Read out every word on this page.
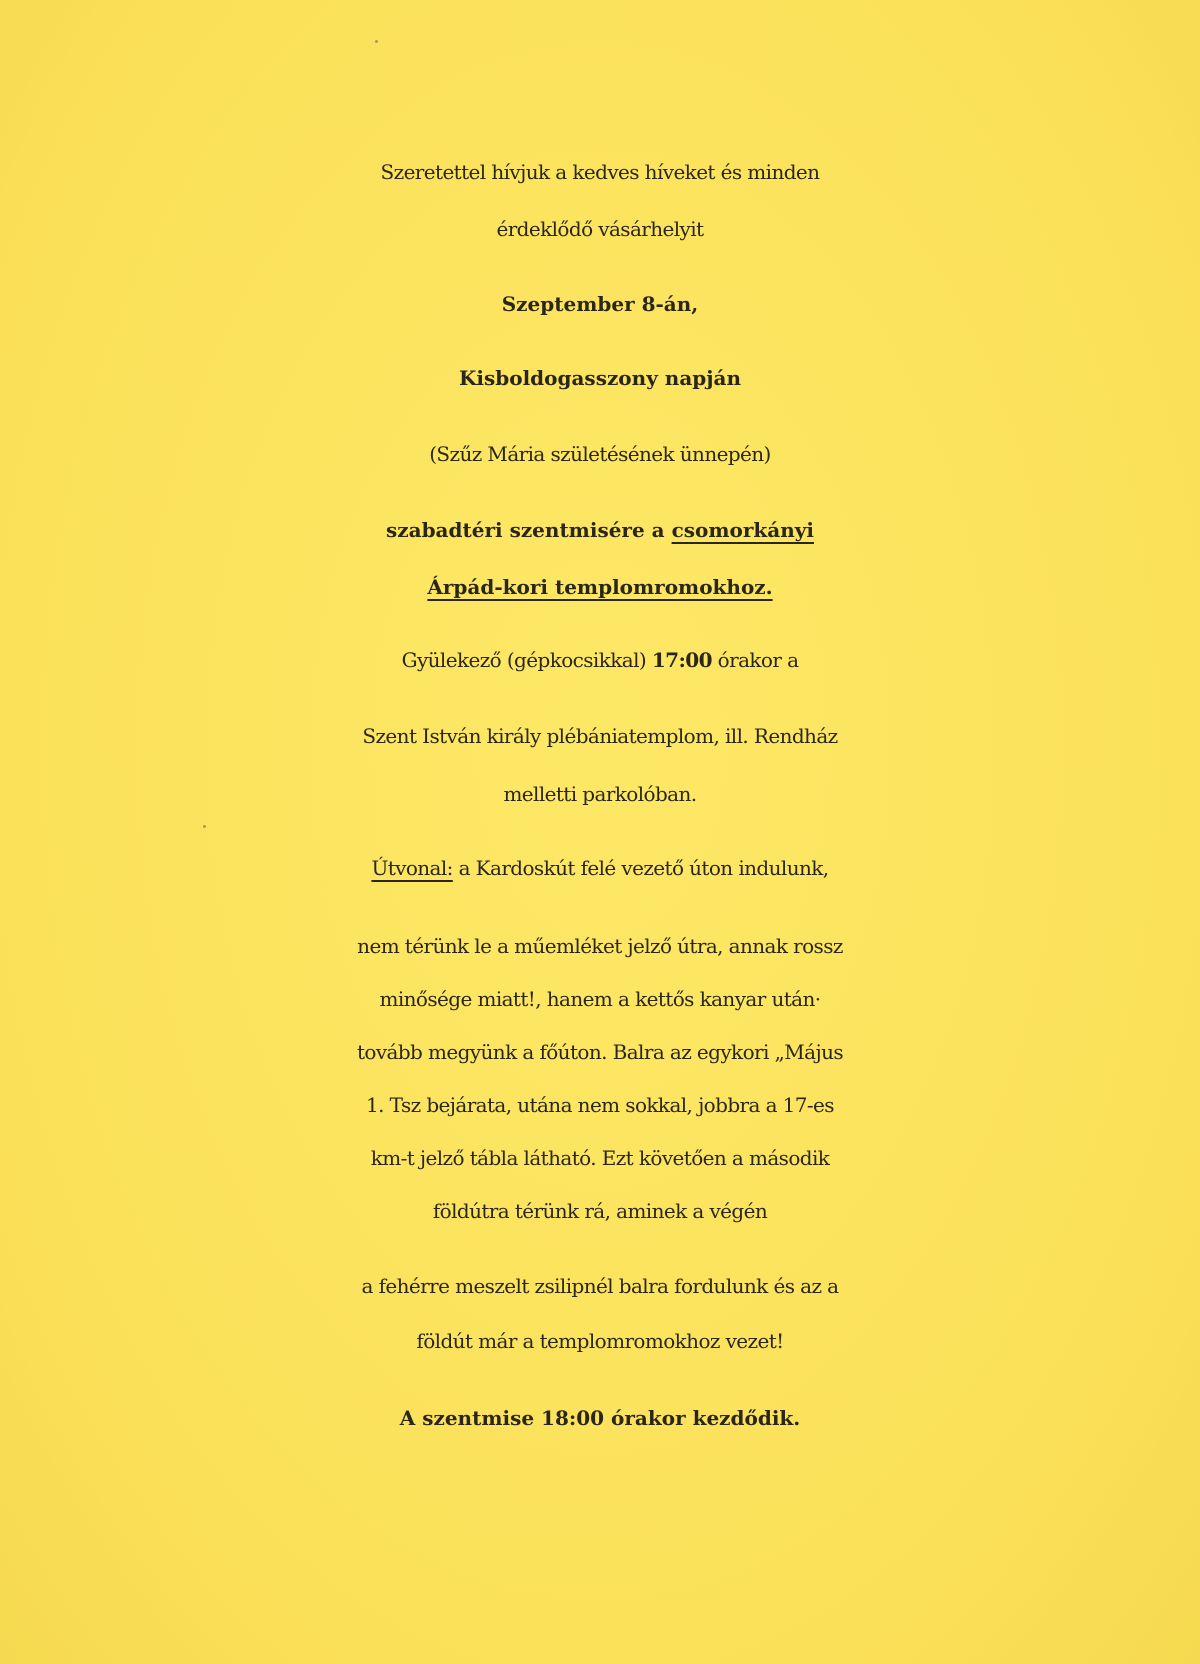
Szeretettel hívjuk a kedves híveket és minden
érdeklődő vásárhelyit
Szeptember 8-án,
Kisboldogasszony napján
(Szűz Mária születésének ünnepén)
szabadtéri szentmisére a csomorkányi
Árpád-kori templomromokhoz.
Gyülekező (gépkocsikkal) 17:00 órakor a
Szent István király plébániatemplom, ill. Rendház
melletti parkolóban.
Útvonal: a Kardoskút felé vezető úton indulunk,
nem térünk le a műemléket jelző útra, annak rossz
minősége miatt!, hanem a kettős kanyar után·
tovább megyünk a főúton. Balra az egykori „Május
1. Tsz bejárata, utána nem sokkal, jobbra a 17-es
km-t jelző tábla látható. Ezt követően a második
földútra térünk rá, aminek a végén
a fehérre meszelt zsilipnél balra fordulunk és az a
földút már a templomromokhoz vezet!
A szentmise 18:00 órakor kezdődik.
